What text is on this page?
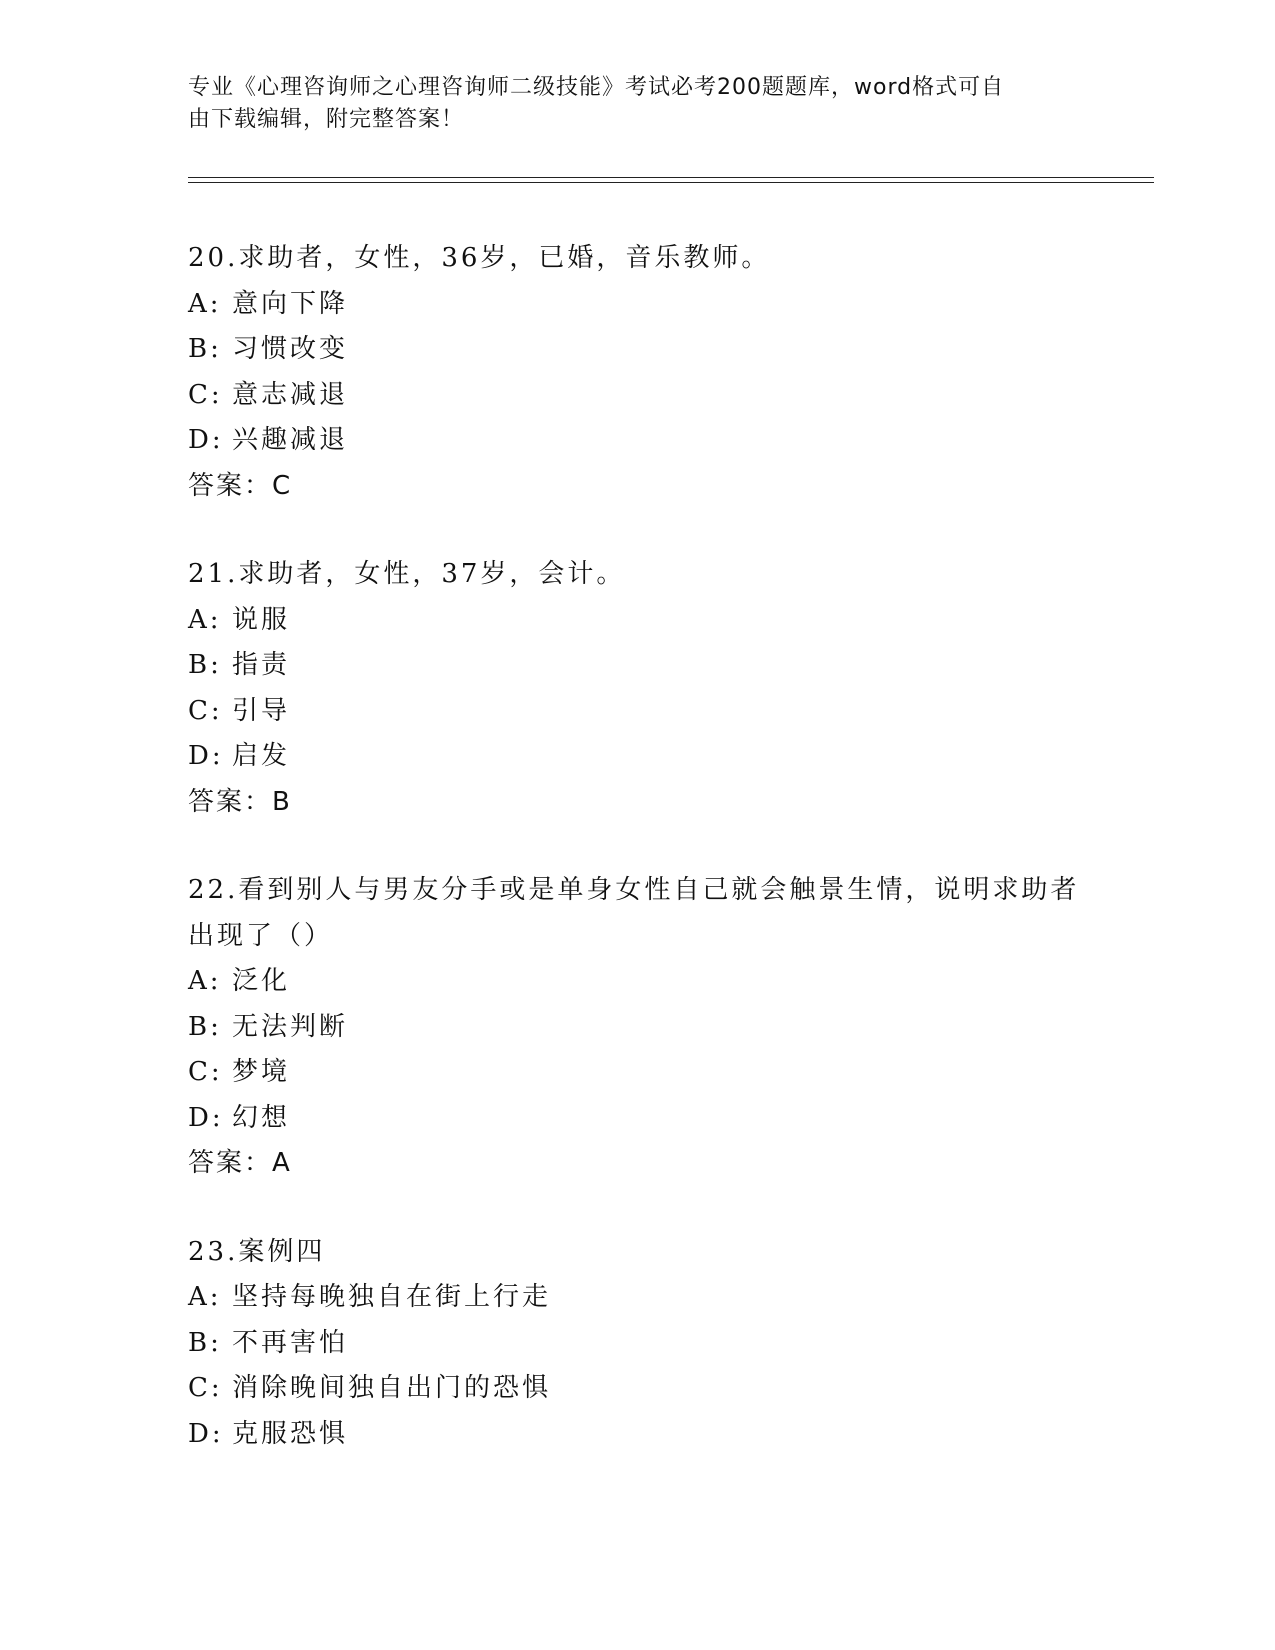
专业《心理咨询师之心理咨询师二级技能》考试必考200题题库，word格式可自
由下载编辑，附完整答案！
20.求助者，女性，36岁，已婚，音乐教师。
A: 意向下降
B: 习惯改变
C: 意志减退
D: 兴趣减退
答案：C
21.求助者，女性，37岁，会计。
A: 说服
B: 指责
C: 引导
D: 启发
答案：B
22.看到别人与男友分手或是单身女性自己就会触景生情，说明求助者
出现了（）
A: 泛化
B: 无法判断
C: 梦境
D: 幻想
答案：A
23.案例四
A: 坚持每晚独自在街上行走
B: 不再害怕
C: 消除晚间独自出门的恐惧
D: 克服恐惧
